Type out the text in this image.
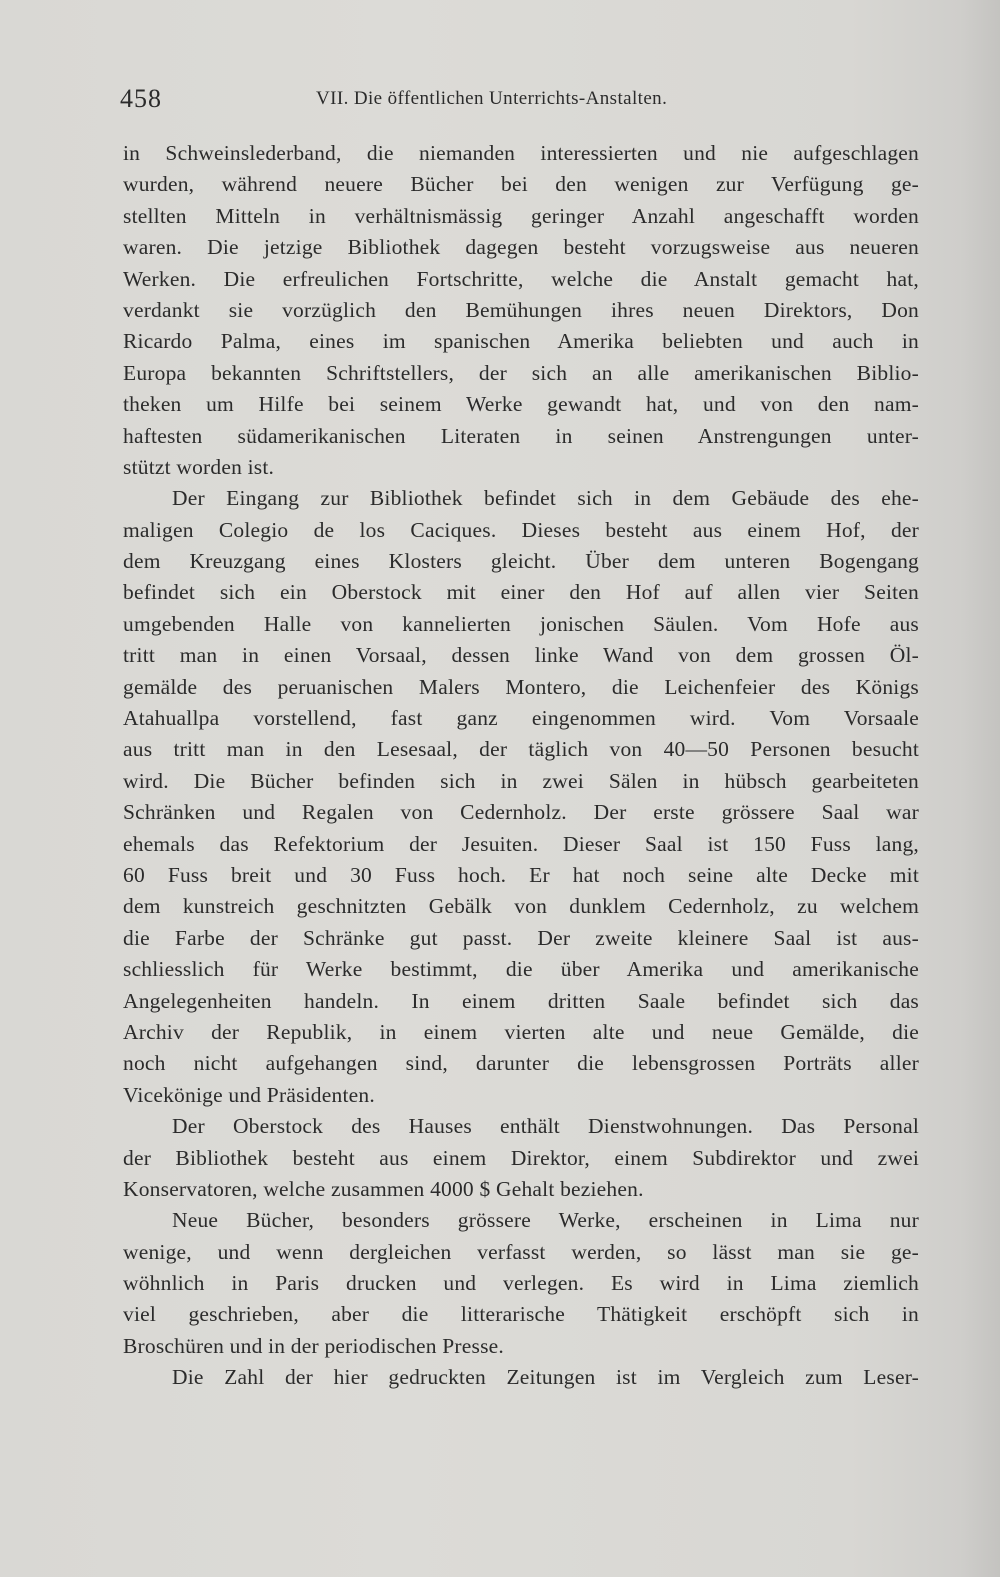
458	VII. Die öffentlichen Unterrichts-Anstalten.
in Schweinslederband, die niemanden interessierten und nie aufgeschlagen
wurden, während neuere Bücher bei den wenigen zur Verfügung ge-
stellten Mitteln in verhältnismässig geringer Anzahl angeschafft worden
waren. Die jetzige Bibliothek dagegen besteht vorzugsweise aus neueren
Werken. Die erfreulichen Fortschritte, welche die Anstalt gemacht hat,
verdankt sie vorzüglich den Bemühungen ihres neuen Direktors, Don
Ricardo Palma, eines im spanischen Amerika beliebten und auch in
Europa bekannten Schriftstellers, der sich an alle amerikanischen Biblio-
theken um Hilfe bei seinem Werke gewandt hat, und von den nam-
haftesten südamerikanischen Literaten in seinen Anstrengungen unter-
stützt worden ist.
Der Eingang zur Bibliothek befindet sich in dem Gebäude des ehe-
maligen Colegio de los Caciques. Dieses besteht aus einem Hof, der
dem Kreuzgang eines Klosters gleicht. Über dem unteren Bogengang
befindet sich ein Oberstock mit einer den Hof auf allen vier Seiten
umgebenden Halle von kannelierten jonischen Säulen. Vom Hofe aus
tritt man in einen Vorsaal, dessen linke Wand von dem grossen Öl-
gemälde des peruanischen Malers Montero, die Leichenfeier des Königs
Atahuallpa vorstellend, fast ganz eingenommen wird. Vom Vorsaale
aus tritt man in den Lesesaal, der täglich von 40—50 Personen besucht
wird. Die Bücher befinden sich in zwei Sälen in hübsch gearbeiteten
Schränken und Regalen von Cedernholz. Der erste grössere Saal war
ehemals das Refektorium der Jesuiten. Dieser Saal ist 150 Fuss lang,
60 Fuss breit und 30 Fuss hoch. Er hat noch seine alte Decke mit
dem kunstreich geschnitzten Gebälk von dunklem Cedernholz, zu welchem
die Farbe der Schränke gut passt. Der zweite kleinere Saal ist aus-
schliesslich für Werke bestimmt, die über Amerika und amerikanische
Angelegenheiten handeln. In einem dritten Saale befindet sich das
Archiv der Republik, in einem vierten alte und neue Gemälde, die
noch nicht aufgehangen sind, darunter die lebensgrossen Porträts aller
Vicekönige und Präsidenten.
Der Oberstock des Hauses enthält Dienstwohnungen. Das Personal
der Bibliothek besteht aus einem Direktor, einem Subdirektor und zwei
Konservatoren, welche zusammen 4000 $ Gehalt beziehen.
Neue Bücher, besonders grössere Werke, erscheinen in Lima nur
wenige, und wenn dergleichen verfasst werden, so lässt man sie ge-
wöhnlich in Paris drucken und verlegen. Es wird in Lima ziemlich
viel geschrieben, aber die litterarische Thätigkeit erschöpft sich in
Broschüren und in der periodischen Presse.
Die Zahl der hier gedruckten Zeitungen ist im Vergleich zum Leser-
